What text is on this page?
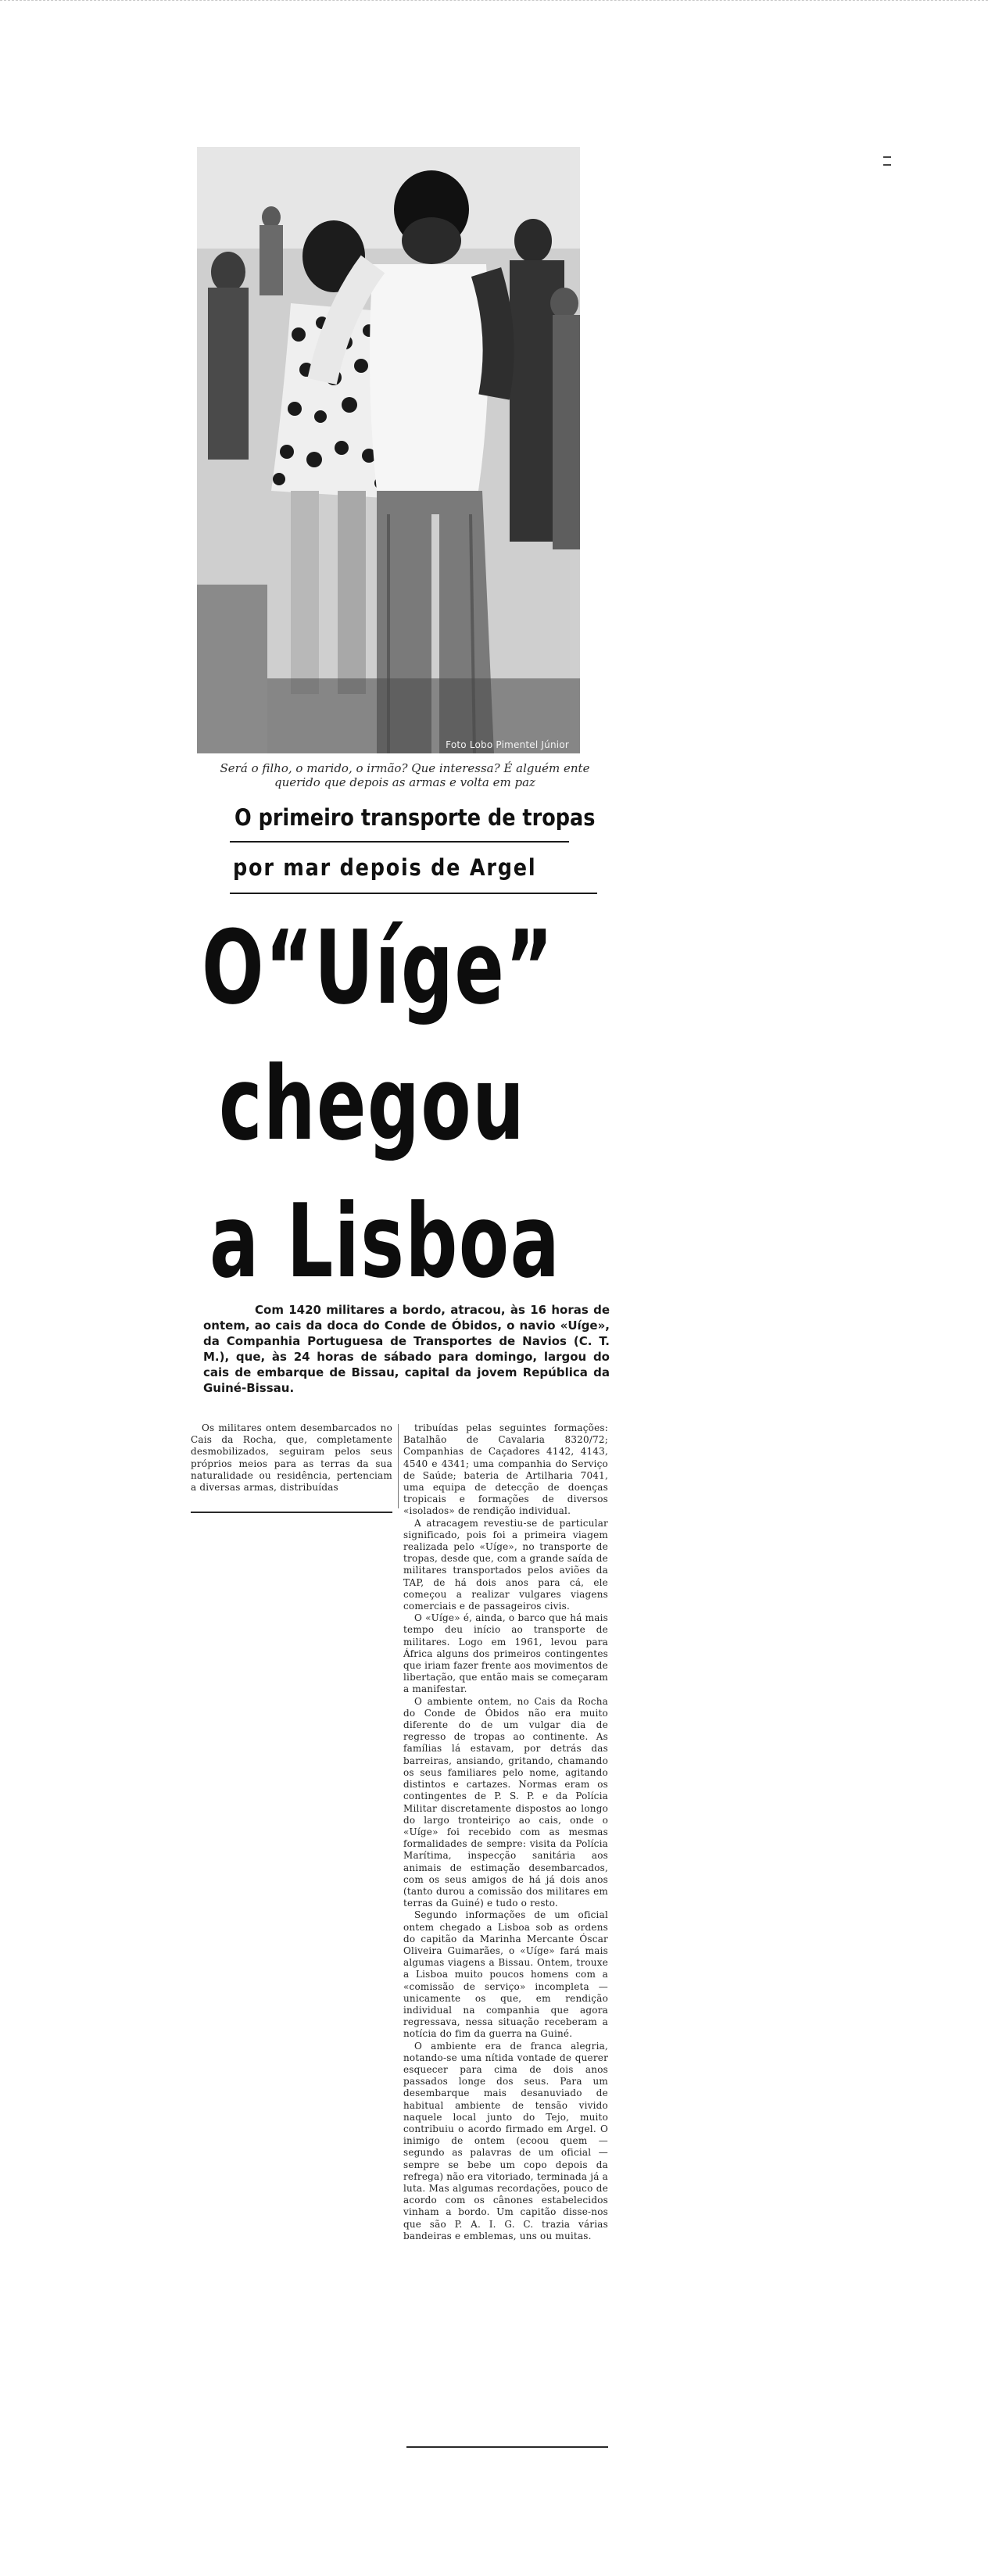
Foto Lobo Pimentel Júnior
Será o filho, o marido, o irmão? Que interessa? É alguém ente querido que depois as armas e volta em paz
O primeiro transporte de tropas
por mar depois de Argel
O“Uíge”
chegou
a Lisboa
Com 1420 militares a bordo, atracou, às 16 horas de ontem, ao cais da doca do Conde de Óbidos, o navio «Uíge», da Companhia Portuguesa de Transportes de Navios (C. T. M.), que, às 24 horas de sábado para domingo, largou do cais de embarque de Bissau, capital da jovem República da Guiné-Bissau.

Os militares ontem desembarcados no Cais da Rocha, que, completamente desmobilizados, seguiram pelos seus próprios meios para as terras da sua naturalidade ou residência, pertenciam a diversas armas, distribuídas

tribuídas pelas seguintes formações: Batalhão de Cavalaria 8320/72; Companhias de Caçadores 4142, 4143, 4540 e 4341; uma companhia do Serviço de Saúde; bateria de Artilharia 7041, uma equipa de detecção de doenças tropicais e formações de diversos «isolados» de rendição individual.

A atracagem revestiu-se de particular significado, pois foi a primeira viagem realizada pelo «Uíge», no transporte de tropas, desde que, com a grande saída de militares transportados pelos aviões da TAP, de há dois anos para cá, ele começou a realizar vulgares viagens comerciais e de passageiros civis.

O «Uíge» é, ainda, o barco que há mais tempo deu início ao transporte de militares. Logo em 1961, levou para África alguns dos primeiros contingentes que iriam fazer frente aos movimentos de libertação, que então mais se começaram a manifestar.

O ambiente ontem, no Cais da Rocha do Conde de Óbidos não era muito diferente do de um vulgar dia de regresso de tropas ao continente. As famílias lá estavam, por detrás das barreiras, ansiando, gritando, chamando os seus familiares pelo nome, agitando distintos e cartazes. Normas eram os contingentes de P. S. P. e da Polícia Militar discretamente dispostos ao longo do largo tronteiriço ao cais, onde o «Uíge» foi recebido com as mesmas formalidades de sempre: visita da Polícia Marítima, inspecção sanitária aos animais de estimação desembarcados, com os seus amigos de há já dois anos (tanto durou a comissão dos militares em terras da Guiné) e tudo o resto.

Segundo informações de um oficial ontem chegado a Lisboa sob as ordens do capitão da Marinha Mercante Óscar Oliveira Guimarães, o «Uíge» fará mais algumas viagens a Bissau. Ontem, trouxe a Lisboa muito poucos homens com a «comissão de serviço» incompleta — unicamente os que, em rendição individual na companhia que agora regressava, nessa situação receberam a notícia do fim da guerra na Guiné.

O ambiente era de franca alegria, notando-se uma nítida vontade de querer esquecer para cima de dois anos passados longe dos seus. Para um desembarque mais desanuviado de habitual ambiente de tensão vivido naquele local junto do Tejo, muito contribuiu o acordo firmado em Argel. O inimigo de ontem (ecoou quem — segundo as palavras de um oficial — sempre se bebe um copo depois da refrega) não era vitoriado, terminada já a luta. Mas algumas recordações, pouco de acordo com os cânones estabelecidos vinham a bordo. Um capitão disse-nos que são P. A. I. G. C. trazia várias bandeiras e emblemas, uns ou muitas.
